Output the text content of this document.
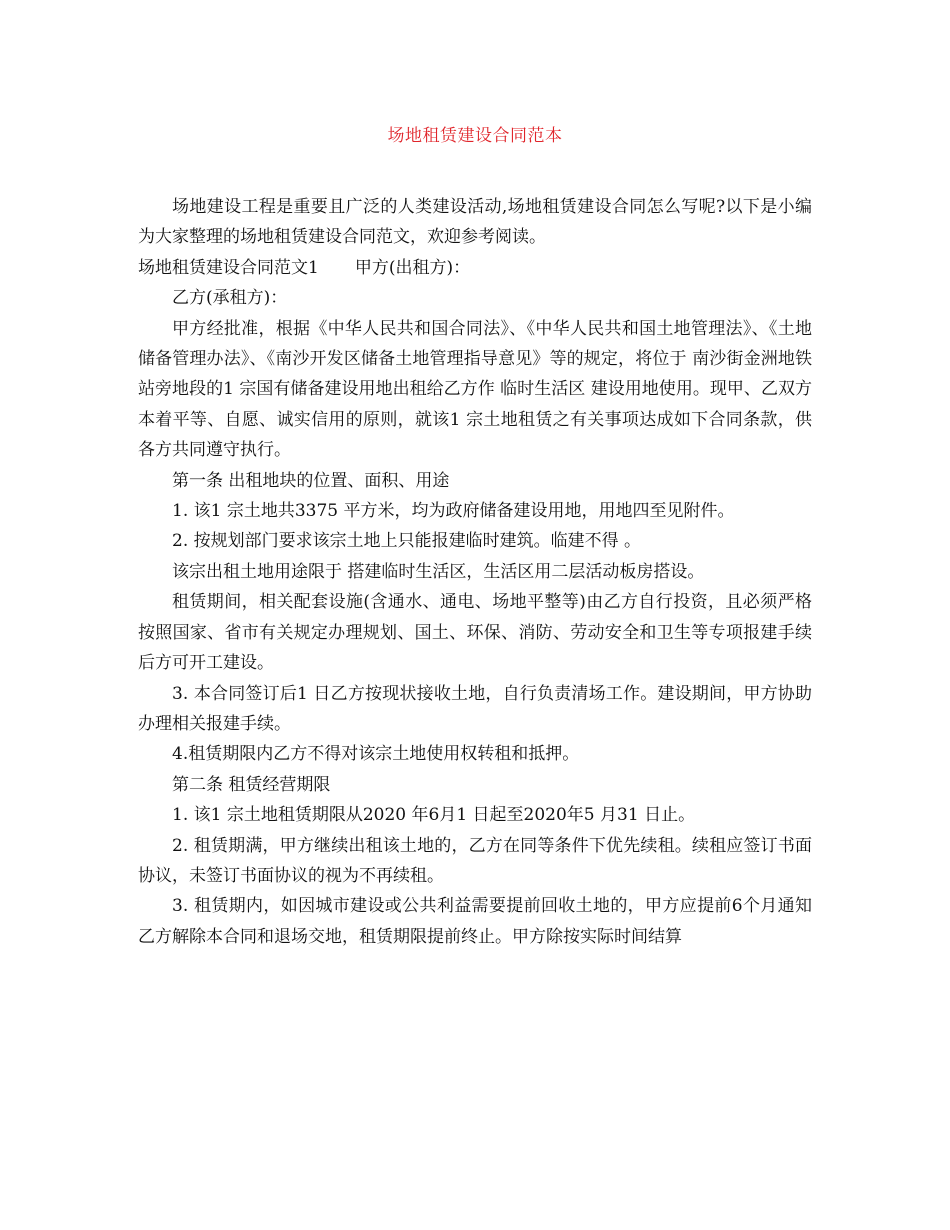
场地租赁建设合同范本

场地建设工程是重要且广泛的人类建设活动,场地租赁建设合同怎么写呢?以下是小编为大家整理的场地租赁建设合同范文，欢迎参考阅读。

场地租赁建设合同范文1 甲方(出租方)：

乙方(承租方)：

甲方经批准，根据《中华人民共和国合同法》、《中华人民共和国土地管理法》、《土地储备管理办法》、《南沙开发区储备土地管理指导意见》等的规定，将位于 南沙街金洲地铁站旁地段的1 宗国有储备建设用地出租给乙方作 临时生活区 建设用地使用。现甲、乙双方本着平等、自愿、诚实信用的原则，就该1 宗土地租赁之有关事项达成如下合同条款，供各方共同遵守执行。

第一条 出租地块的位置、面积、用途

1. 该1 宗土地共3375 平方米，均为政府储备建设用地，用地四至见附件。

2. 按规划部门要求该宗土地上只能报建临时建筑。临建不得 。

该宗出租土地用途限于 搭建临时生活区，生活区用二层活动板房搭设。

租赁期间，相关配套设施(含通水、通电、场地平整等)由乙方自行投资，且必须严格按照国家、省市有关规定办理规划、国土、环保、消防、劳动安全和卫生等专项报建手续后方可开工建设。

3. 本合同签订后1 日乙方按现状接收土地，自行负责清场工作。建设期间，甲方协助办理相关报建手续。

4.租赁期限内乙方不得对该宗土地使用权转租和抵押。

第二条 租赁经营期限

1. 该1 宗土地租赁期限从2020 年6月1 日起至2020年5 月31 日止。

2. 租赁期满，甲方继续出租该土地的，乙方在同等条件下优先续租。续租应签订书面协议，未签订书面协议的视为不再续租。

3. 租赁期内，如因城市建设或公共利益需要提前回收土地的，甲方应提前6个月通知乙方解除本合同和退场交地，租赁期限提前终止。甲方除按实际时间结算
